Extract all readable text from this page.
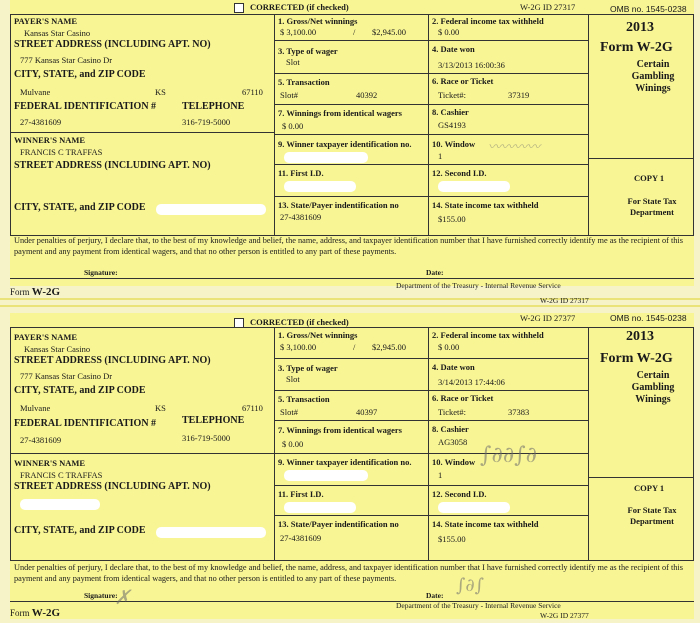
CORRECTED (if checked)	W-2G ID 27317	OMB no. 1545-0238
PAYER'S NAME
Kansas Star Casino
STREET ADDRESS (INCLUDING APT. NO)
777 Kansas Star Casino Dr
CITY, STATE, and ZIP CODE
Mulvane	KS	67110
FEDERAL IDENTIFICATION #	TELEPHONE
27-4381609	316-719-5000
WINNER'S NAME
FRANCIS C TRAFFAS
STREET ADDRESS (INCLUDING APT. NO)
CITY, STATE, and ZIP CODE
1. Gross/Net winnings
$ 3,100.00	/ $2,945.00
2. Federal income tax withheld
$ 0.00
3. Type of wager
Slot
4. Date won
3/13/2013 16:00:36
5. Transaction
Slot#	40392
6. Race or Ticket
Ticket#:	37319
7. Winnings from identical wagers
$ 0.00
8. Cashier
GS4193
9. Winner taxpayer identification no. 10. Window
1
〰〰〰〰
11. First I.D.	12. Second I.D.
13. State/Payer indentification no
27-4381609
14. State income tax withheld
$155.00
2013
Form W-2G
Certain
Gambling
Winings
COPY 1
For State Tax
Department
Under penalties of perjury, I declare that, to the best of my knowledge and belief, the name, address, and taxpayer identification number that I have furnished correctly identify me as the recipient of this payment and any payment from identical wagers, and that no other person is entitled to any part of these payments.
Signature:	Date:
Form W-2G
Department of the Treasury - Internal Revenue Service
W-2G ID 27317
CORRECTED (if checked)	W-2G ID 27377	OMB no. 1545-0238
PAYER'S NAME
Kansas Star Casino
STREET ADDRESS (INCLUDING APT. NO)
777 Kansas Star Casino Dr
CITY, STATE, and ZIP CODE
Mulvane	KS	67110
FEDERAL IDENTIFICATION #	TELEPHONE
27-4381609	316-719-5000
WINNER'S NAME
FRANCIS C TRAFFAS
STREET ADDRESS (INCLUDING APT. NO)
CITY, STATE, and ZIP CODE
1. Gross/Net winnings
$ 3,100.00	/ $2,945.00
2. Federal income tax withheld
$ 0.00
3. Type of wager
Slot
4. Date won
3/14/2013 17:44:06
5. Transaction
Slot#	40397
6. Race or Ticket
Ticket#:	37383
7. Winnings from identical wagers
$ 0.00
8. Cashier
AG3058
9. Winner taxpayer identification no. 10. Window
1
∫∂∂∫∂
11. First I.D.	12. Second I.D.
13. State/Payer indentification no
27-4381609
14. State income tax withheld
$155.00
2013
Form W-2G
Certain
Gambling
Winings
COPY 1
For State Tax
Department
Under penalties of perjury, I declare that, to the best of my knowledge and belief, the name, address, and taxpayer identification number that I have furnished correctly identify me as the recipient of this payment and any payment from identical wagers, and that no other person is entitled to any part of these payments.
Signature:	Date: ∫∂∫
✗
Form W-2G
Department of the Treasury - Internal Revenue Service
W-2G ID 27377
